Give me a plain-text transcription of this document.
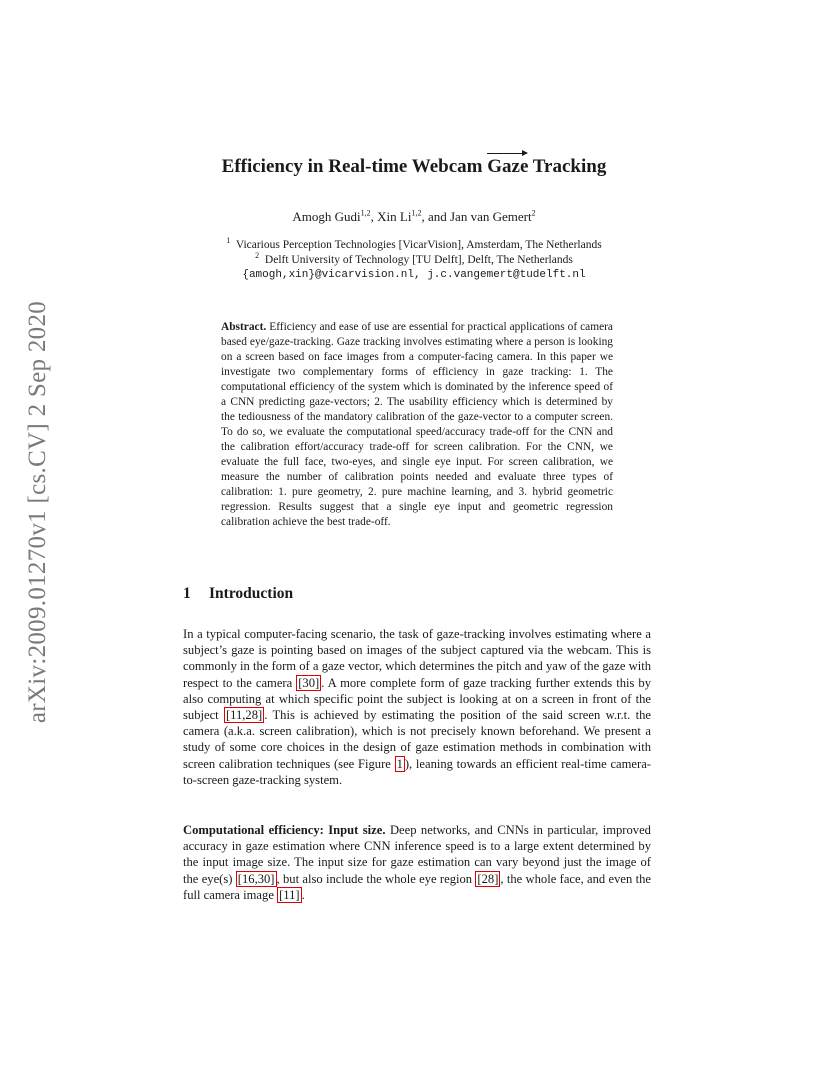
arXiv:2009.01270v1 [cs.CV] 2 Sep 2020
Efficiency in Real-time Webcam Gaze Tracking
Amogh Gudi$^{1,2}$, Xin Li$^{1,2}$, and Jan van Gemert$^2$
$^1$ Vicarious Perception Technologies [VicarVision], Amsterdam, The Netherlands
$^2$ Delft University of Technology [TU Delft], Delft, The Netherlands
{amogh,xin}@vicarvision.nl, j.c.vangemert@tudelft.nl
Abstract. Efficiency and ease of use are essential for practical applications of camera based eye/gaze-tracking. Gaze tracking involves estimating where a person is looking on a screen based on face images from a computer-facing camera. In this paper we investigate two complementary forms of efficiency in gaze tracking: 1. The computational efficiency of the system which is dominated by the inference speed of a CNN predicting gaze-vectors; 2. The usability efficiency which is determined by the tediousness of the mandatory calibration of the gaze-vector to a computer screen. To do so, we evaluate the computational speed/accuracy trade-off for the CNN and the calibration effort/accuracy trade-off for screen calibration. For the CNN, we evaluate the full face, two-eyes, and single eye input. For screen calibration, we measure the number of calibration points needed and evaluate three types of calibration: 1. pure geometry, 2. pure machine learning, and 3. hybrid geometric regression. Results suggest that a single eye input and geometric regression calibration achieve the best trade-off.
1 Introduction
In a typical computer-facing scenario, the task of gaze-tracking involves estimating where a subject’s gaze is pointing based on images of the subject captured via the webcam. This is commonly in the form of a gaze vector, which determines the pitch and yaw of the gaze with respect to the camera [30] . A more complete form of gaze tracking further extends this by also computing at which specific point the subject is looking at on a screen in front of the subject [11,28] . This is achieved by estimating the position of the said screen w.r.t. the camera (a.k.a. screen calibration), which is not precisely known beforehand. We present a study of some core choices in the design of gaze estimation methods in combination with screen calibration techniques (see Figure 1 ), leaning towards an efficient real-time camera-to-screen gaze-tracking system.
Computational efficiency: Input size. Deep networks, and CNNs in particular, improved accuracy in gaze estimation where CNN inference speed is to a large extent determined by the input image size. The input size for gaze estimation can vary beyond just the image of the eye(s) [16,30] , but also include the whole eye region [28] , the whole face, and even the full camera image [11] .
